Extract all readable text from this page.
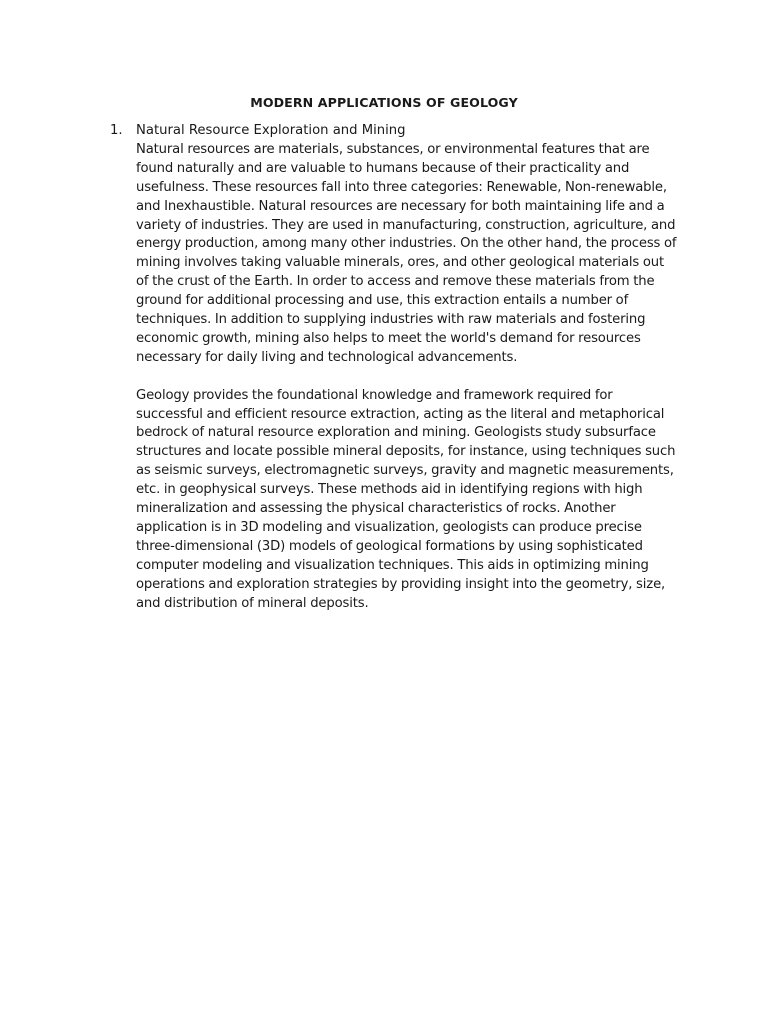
MODERN APPLICATIONS OF GEOLOGY
1. Natural Resource Exploration and Mining

Natural resources are materials, substances, or environmental features that are found naturally and are valuable to humans because of their practicality and usefulness. These resources fall into three categories: Renewable, Non-renewable, and Inexhaustible. Natural resources are necessary for both maintaining life and a variety of industries. They are used in manufacturing, construction, agriculture, and energy production, among many other industries. On the other hand, the process of mining involves taking valuable minerals, ores, and other geological materials out of the crust of the Earth. In order to access and remove these materials from the ground for additional processing and use, this extraction entails a number of techniques. In addition to supplying industries with raw materials and fostering economic growth, mining also helps to meet the world's demand for resources necessary for daily living and technological advancements.

Geology provides the foundational knowledge and framework required for successful and efficient resource extraction, acting as the literal and metaphorical bedrock of natural resource exploration and mining. Geologists study subsurface structures and locate possible mineral deposits, for instance, using techniques such as seismic surveys, electromagnetic surveys, gravity and magnetic measurements, etc. in geophysical surveys. These methods aid in identifying regions with high mineralization and assessing the physical characteristics of rocks. Another application is in 3D modeling and visualization, geologists can produce precise three-dimensional (3D) models of geological formations by using sophisticated computer modeling and visualization techniques. This aids in optimizing mining operations and exploration strategies by providing insight into the geometry, size, and distribution of mineral deposits.
